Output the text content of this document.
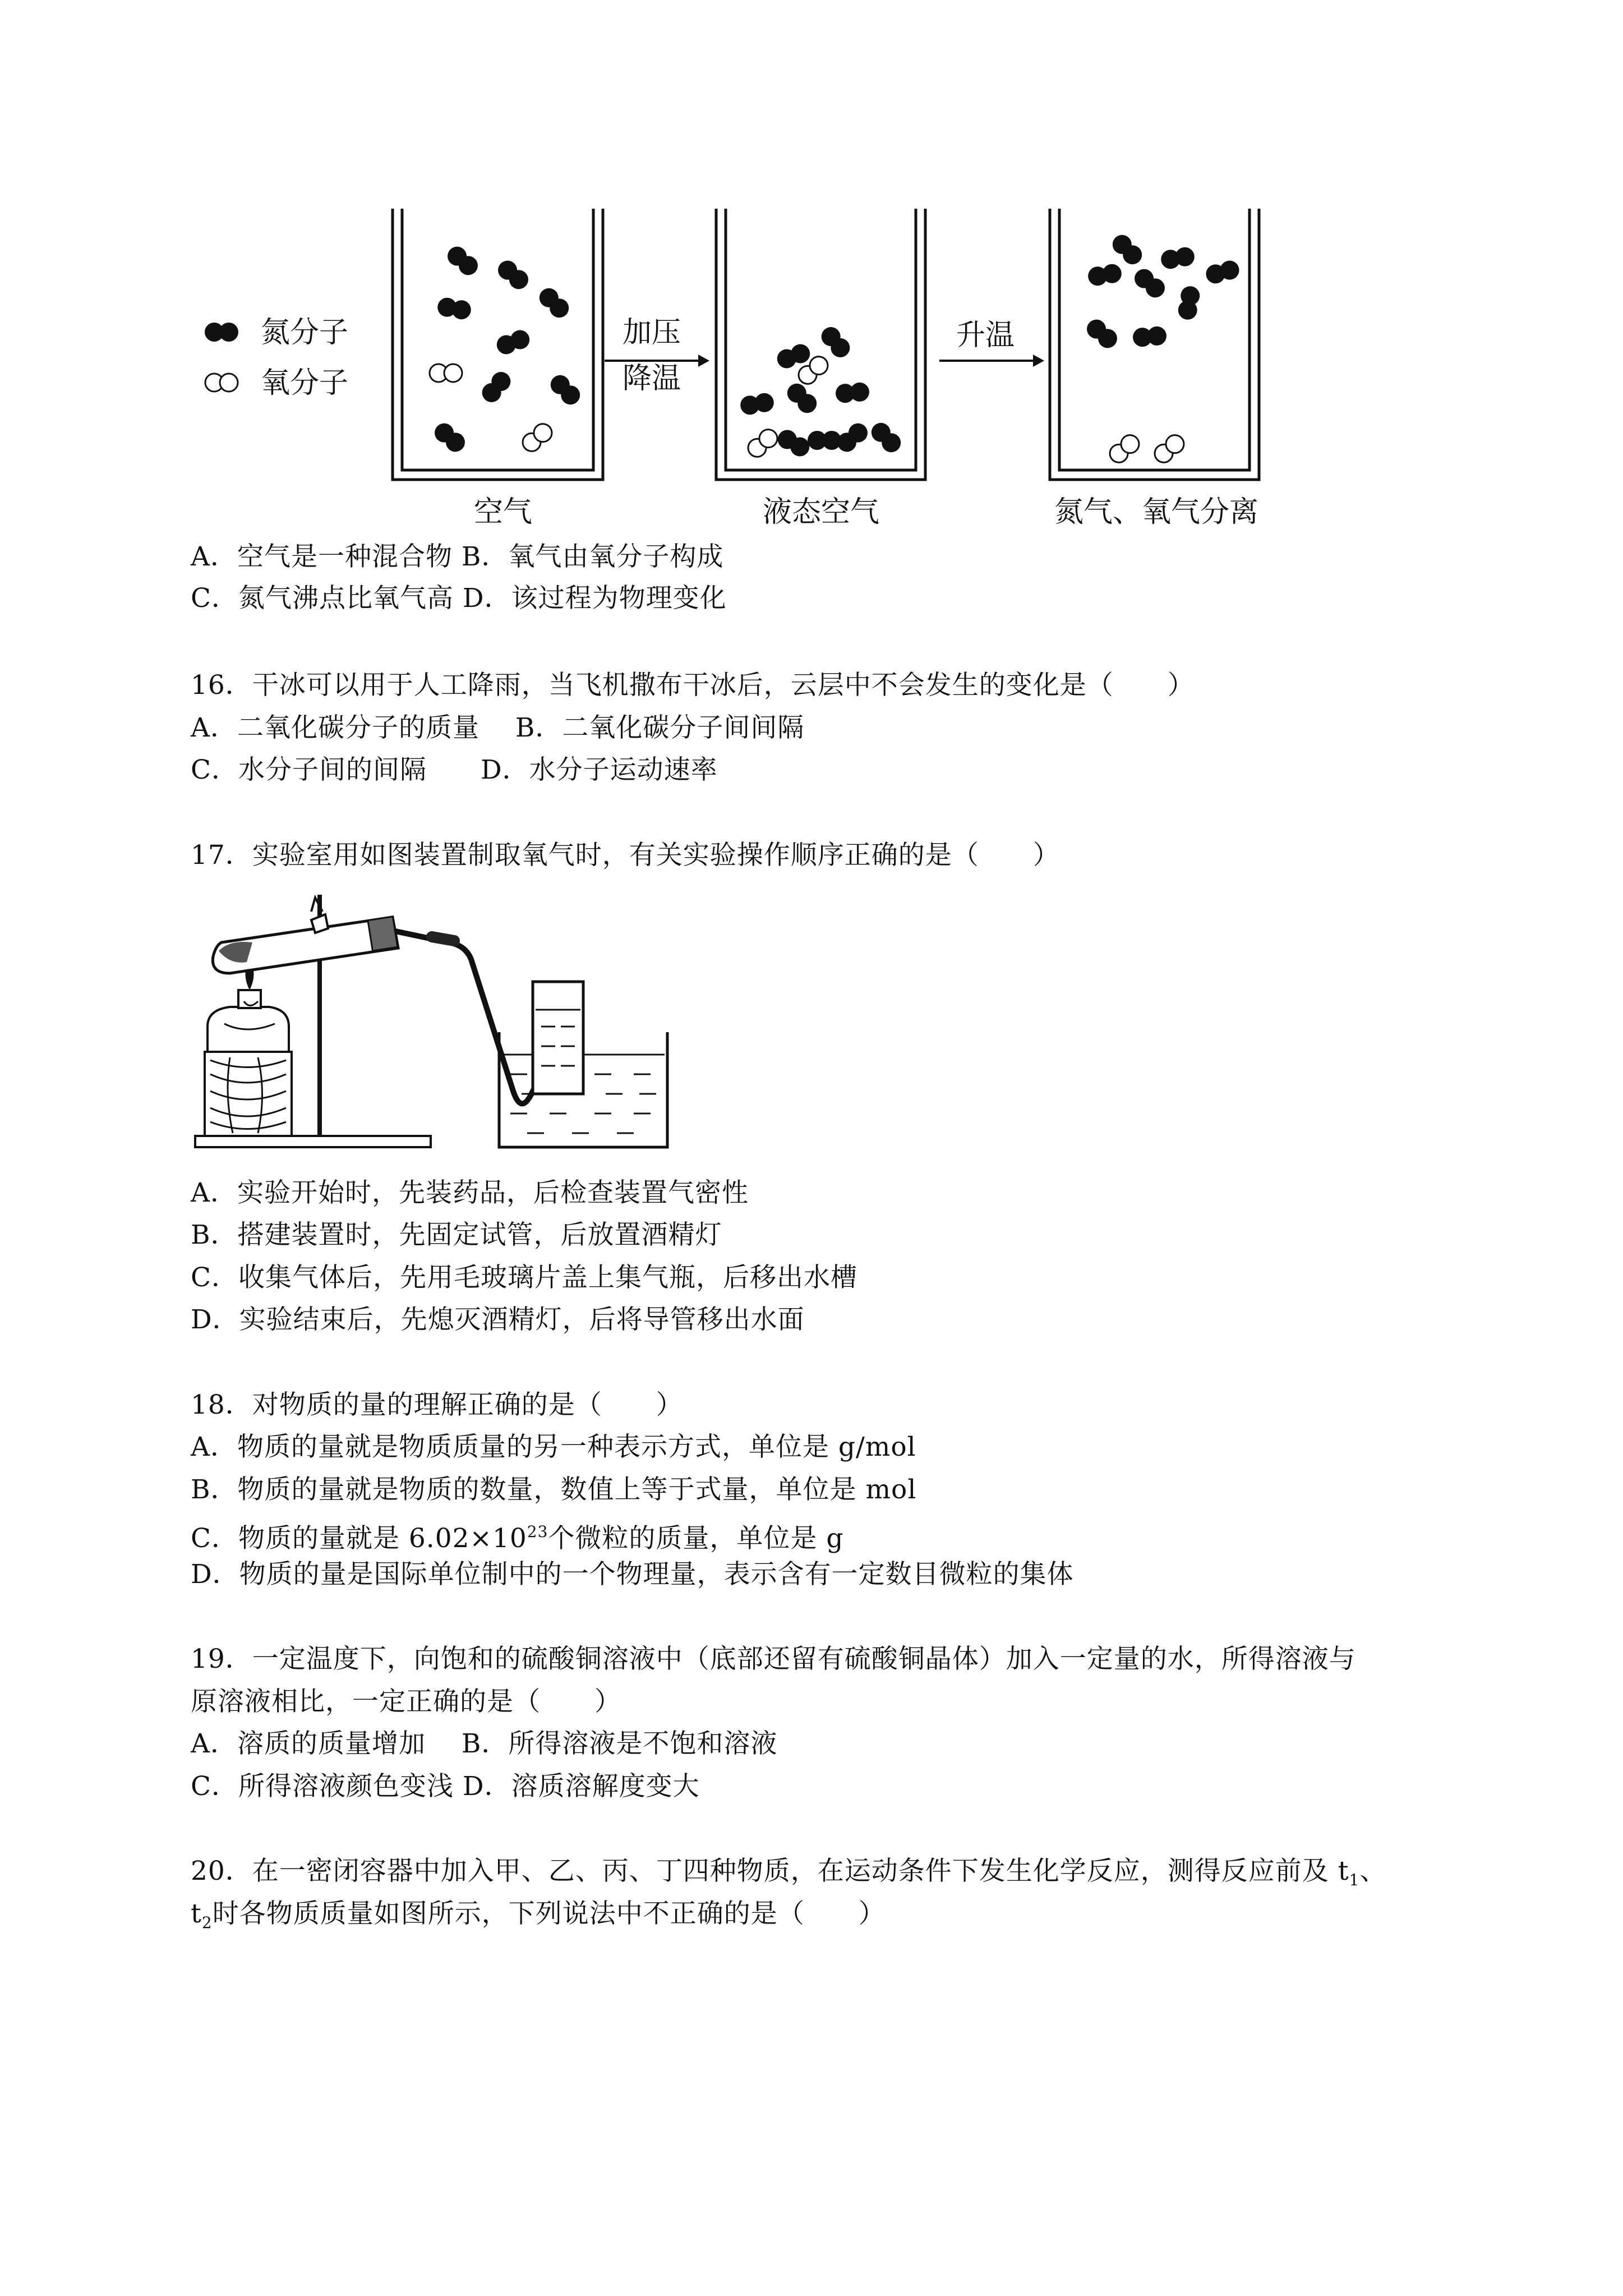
氮分子
氧分子
空气
加压
降温
液态空气
升温
氮气、氧气分离
A．空气是一种混合物 B．氧气由氧分子构成
C．氮气沸点比氧气高 D．该过程为物理变化
16．干冰可以用于人工降雨，当飞机撒布干冰后，云层中不会发生的变化是（　　）
A．二氧化碳分子的质量　 B．二氧化碳分子间间隔
C．水分子间的间隔　　D．水分子运动速率
17．实验室用如图装置制取氧气时，有关实验操作顺序正确的是（　　）
A．实验开始时，先装药品，后检查装置气密性
B．搭建装置时，先固定试管，后放置酒精灯
C．收集气体后，先用毛玻璃片盖上集气瓶，后移出水槽
D．实验结束后，先熄灭酒精灯，后将导管移出水面
18．对物质的量的理解正确的是（　　）
A．物质的量就是物质质量的另一种表示方式，单位是 g/mol
B．物质的量就是物质的数量，数值上等于式量，单位是 mol
C．物质的量就是 $6.02\times 10^{23}$个微粒的质量，单位是 g
D．物质的量是国际单位制中的一个物理量，表示含有一定数目微粒的集体
19．一定温度下，向饱和的硫酸铜溶液中（底部还留有硫酸铜晶体）加入一定量的水，所得溶液与
原溶液相比，一定正确的是（　　）
A．溶质的质量增加　 B．所得溶液是不饱和溶液
C．所得溶液颜色变浅 D．溶质溶解度变大
20．在一密闭容器中加入甲、乙、丙、丁四种物质，在运动条件下发生化学反应，测得反应前及 $t_1$、
$t_2$时各物质质量如图所示，下列说法中不正确的是（　　）
